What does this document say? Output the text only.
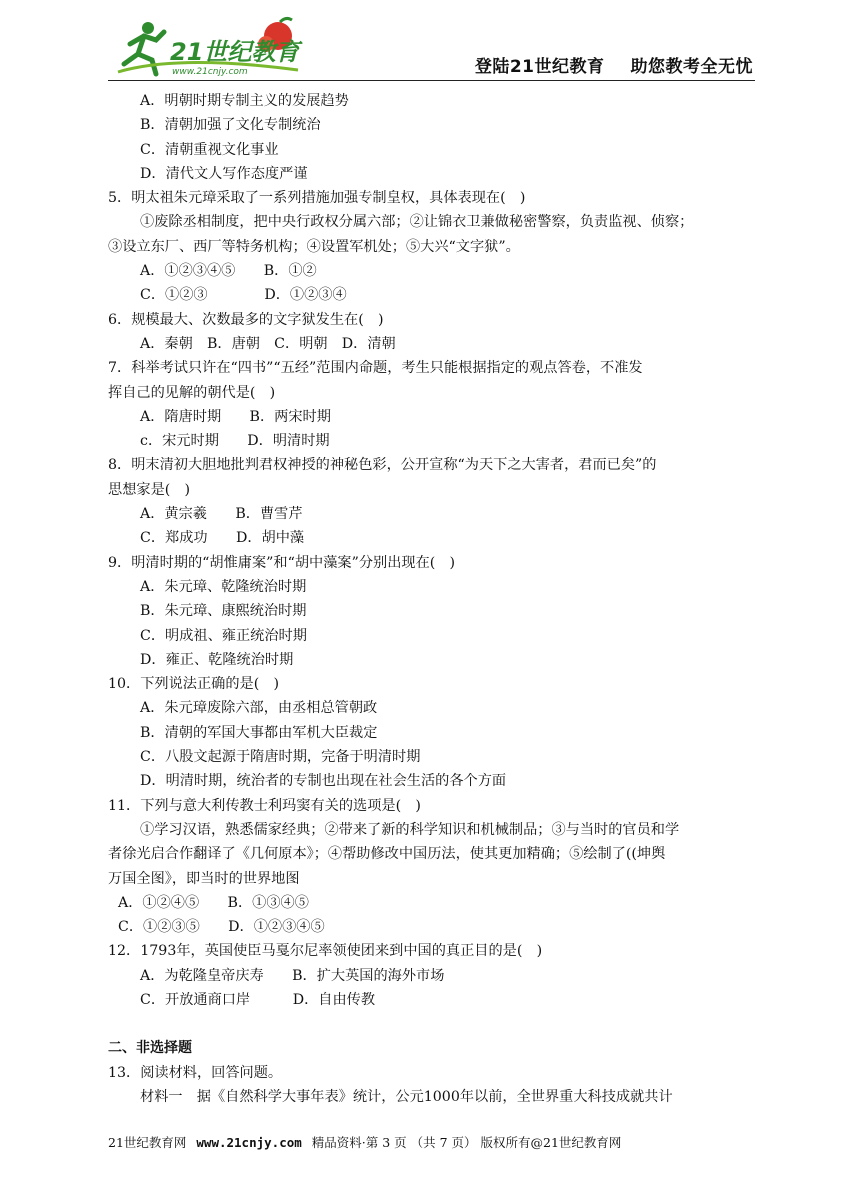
21世纪教育
www.21cnjy.com	登陆21世纪教育 助您教考全无忧
A．明朝时期专制主义的发展趋势
B．清朝加强了文化专制统治
C．清朝重视文化事业
D．清代文人写作态度严谨
5．明太祖朱元璋采取了一系列措施加强专制皇权，具体表现在(　)
①废除丞相制度，把中央行政权分属六部；②让锦衣卫兼做秘密警察，负责监视、侦察；
③设立东厂、西厂等特务机构；④设置军机处；⑤大兴“文字狱”。
A．①②③④⑤　　B．①②
C．①②③　　　　D．①②③④
6．规模最大、次数最多的文字狱发生在(　)
A．秦朝　B．唐朝　C．明朝　D．清朝
7．科举考试只许在“四书”“五经”范围内命题，考生只能根据指定的观点答卷，不准发
挥自己的见解的朝代是(　)
A．隋唐时期　　B．两宋时期
c．宋元时期　　D．明清时期
8．明末清初大胆地批判君权神授的神秘色彩，公开宣称“为天下之大害者，君而已矣”的
思想家是(　)
A．黄宗羲　　B．曹雪芹
C．郑成功　　D．胡中藻
9．明清时期的“胡惟庸案”和“胡中藻案”分别出现在(　)
A．朱元璋、乾隆统治时期
B．朱元璋、康熙统治时期
C．明成祖、雍正统治时期
D．雍正、乾隆统治时期
10．下列说法正确的是(　)
A．朱元璋废除六部，由丞相总管朝政
B．清朝的军国大事都由军机大臣裁定
C．八股文起源于隋唐时期，完备于明清时期
D．明清时期，统治者的专制也出现在社会生活的各个方面
11．下列与意大利传教士利玛窦有关的选项是(　)
①学习汉语，熟悉儒家经典；②带来了新的科学知识和机械制品；③与当时的官员和学
者徐光启合作翻译了《几何原本》；④帮助修改中国历法，使其更加精确；⑤绘制了((坤舆
万国全图》，即当时的世界地图
A．①②④⑤　　B．①③④⑤
C．①②③⑤　　D．①②③④⑤
12．1793年，英国使臣马戛尔尼率领使团来到中国的真正目的是(　)
A．为乾隆皇帝庆寿　　B．扩大英国的海外市场
C．开放通商口岸　　　D．自由传教
二、非选择题
13．阅读材料，回答问题。
材料一　据《自然科学大事年表》统计，公元1000年以前，全世界重大科技成就共计
21世纪教育网 www.21cnjy.com 精品资料·第 3 页 （共 7 页） 版权所有@21世纪教育网
